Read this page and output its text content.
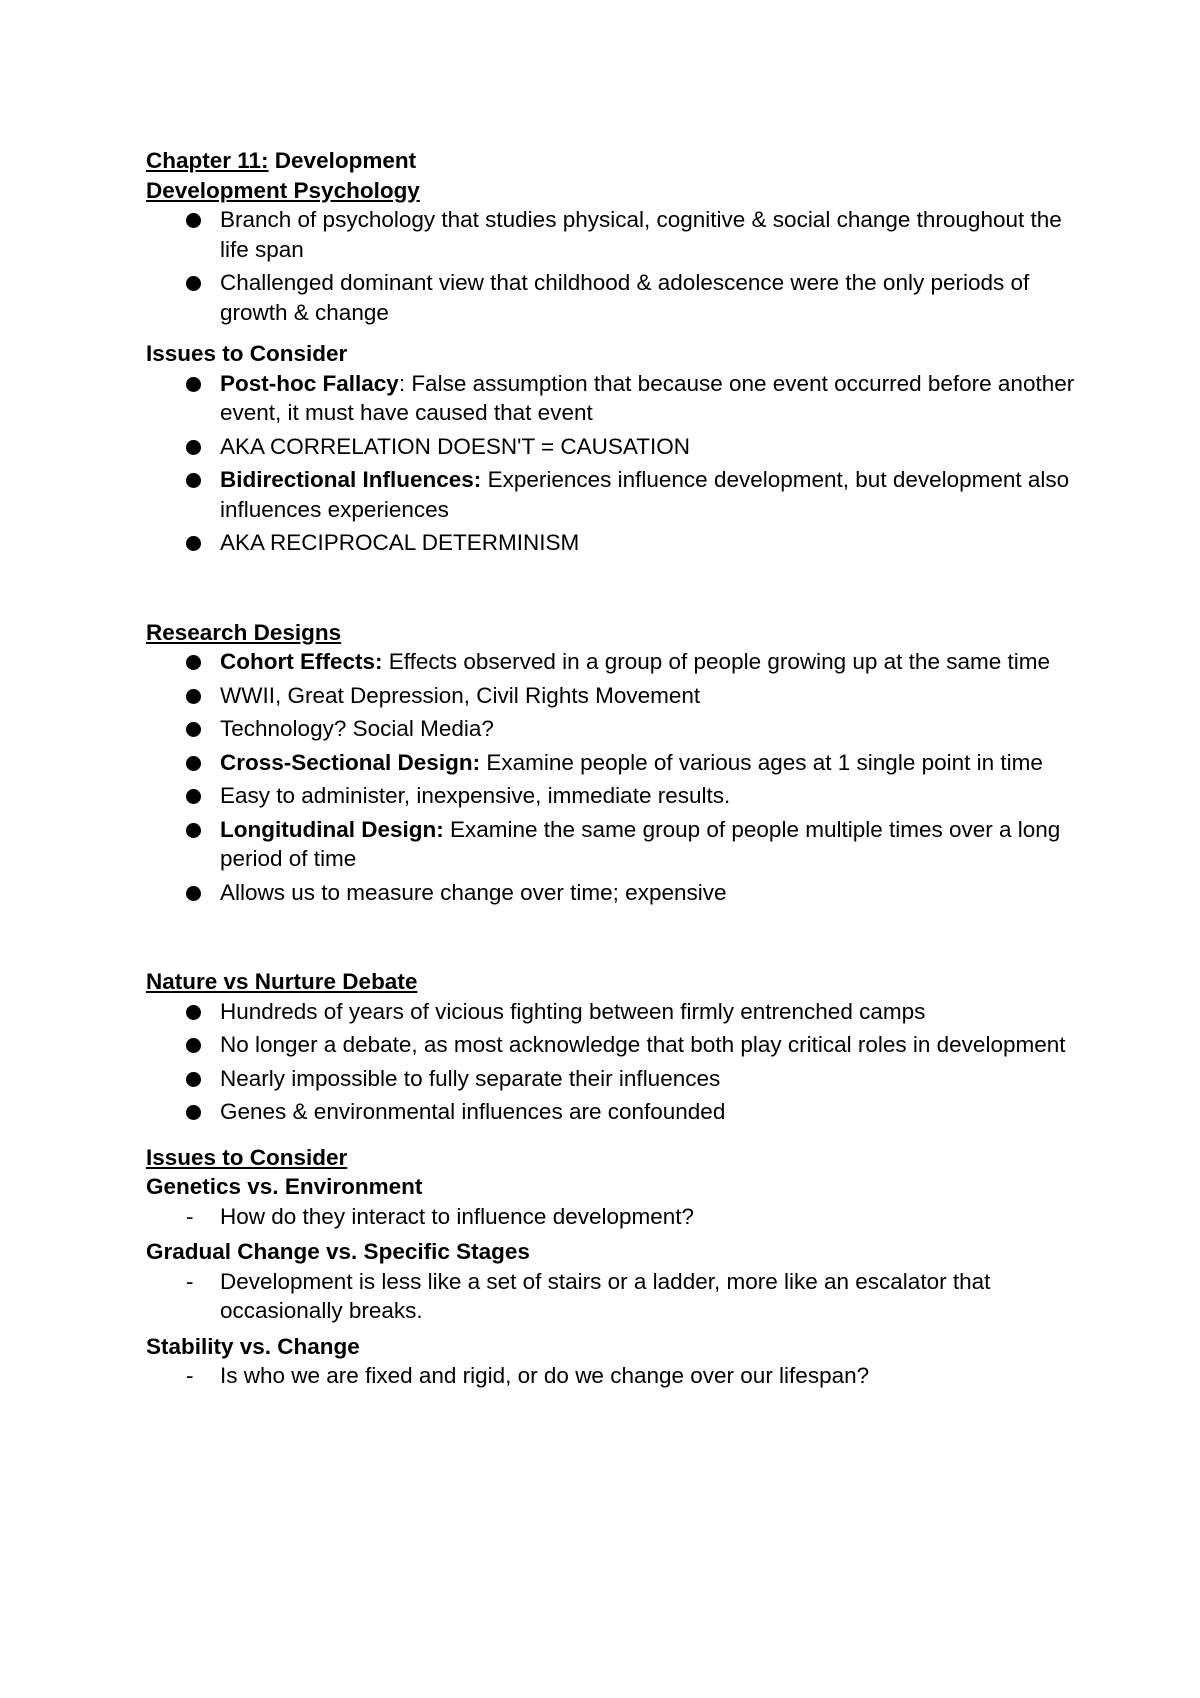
Chapter 11: Development

Development Psychology

Branch of psychology that studies physical, cognitive & social change throughout the life span
Challenged dominant view that childhood & adolescence were the only periods of growth & change

Issues to Consider

Post-hoc Fallacy: False assumption that because one event occurred before another event, it must have caused that event
AKA CORRELATION DOESN'T = CAUSATION
Bidirectional Influences: Experiences influence development, but development also influences experiences
AKA RECIPROCAL DETERMINISM

Research Designs

Cohort Effects: Effects observed in a group of people growing up at the same time
WWII, Great Depression, Civil Rights Movement
Technology? Social Media?
Cross-Sectional Design: Examine people of various ages at 1 single point in time
Easy to administer, inexpensive, immediate results.
Longitudinal Design: Examine the same group of people multiple times over a long period of time
Allows us to measure change over time; expensive

Nature vs Nurture Debate

Hundreds of years of vicious fighting between firmly entrenched camps
No longer a debate, as most acknowledge that both play critical roles in development
Nearly impossible to fully separate their influences
Genes & environmental influences are confounded

Issues to Consider

Genetics vs. Environment

- How do they interact to influence development?

Gradual Change vs. Specific Stages

- Development is less like a set of stairs or a ladder, more like an escalator that occasionally breaks.

Stability vs. Change

- Is who we are fixed and rigid, or do we change over our lifespan?
